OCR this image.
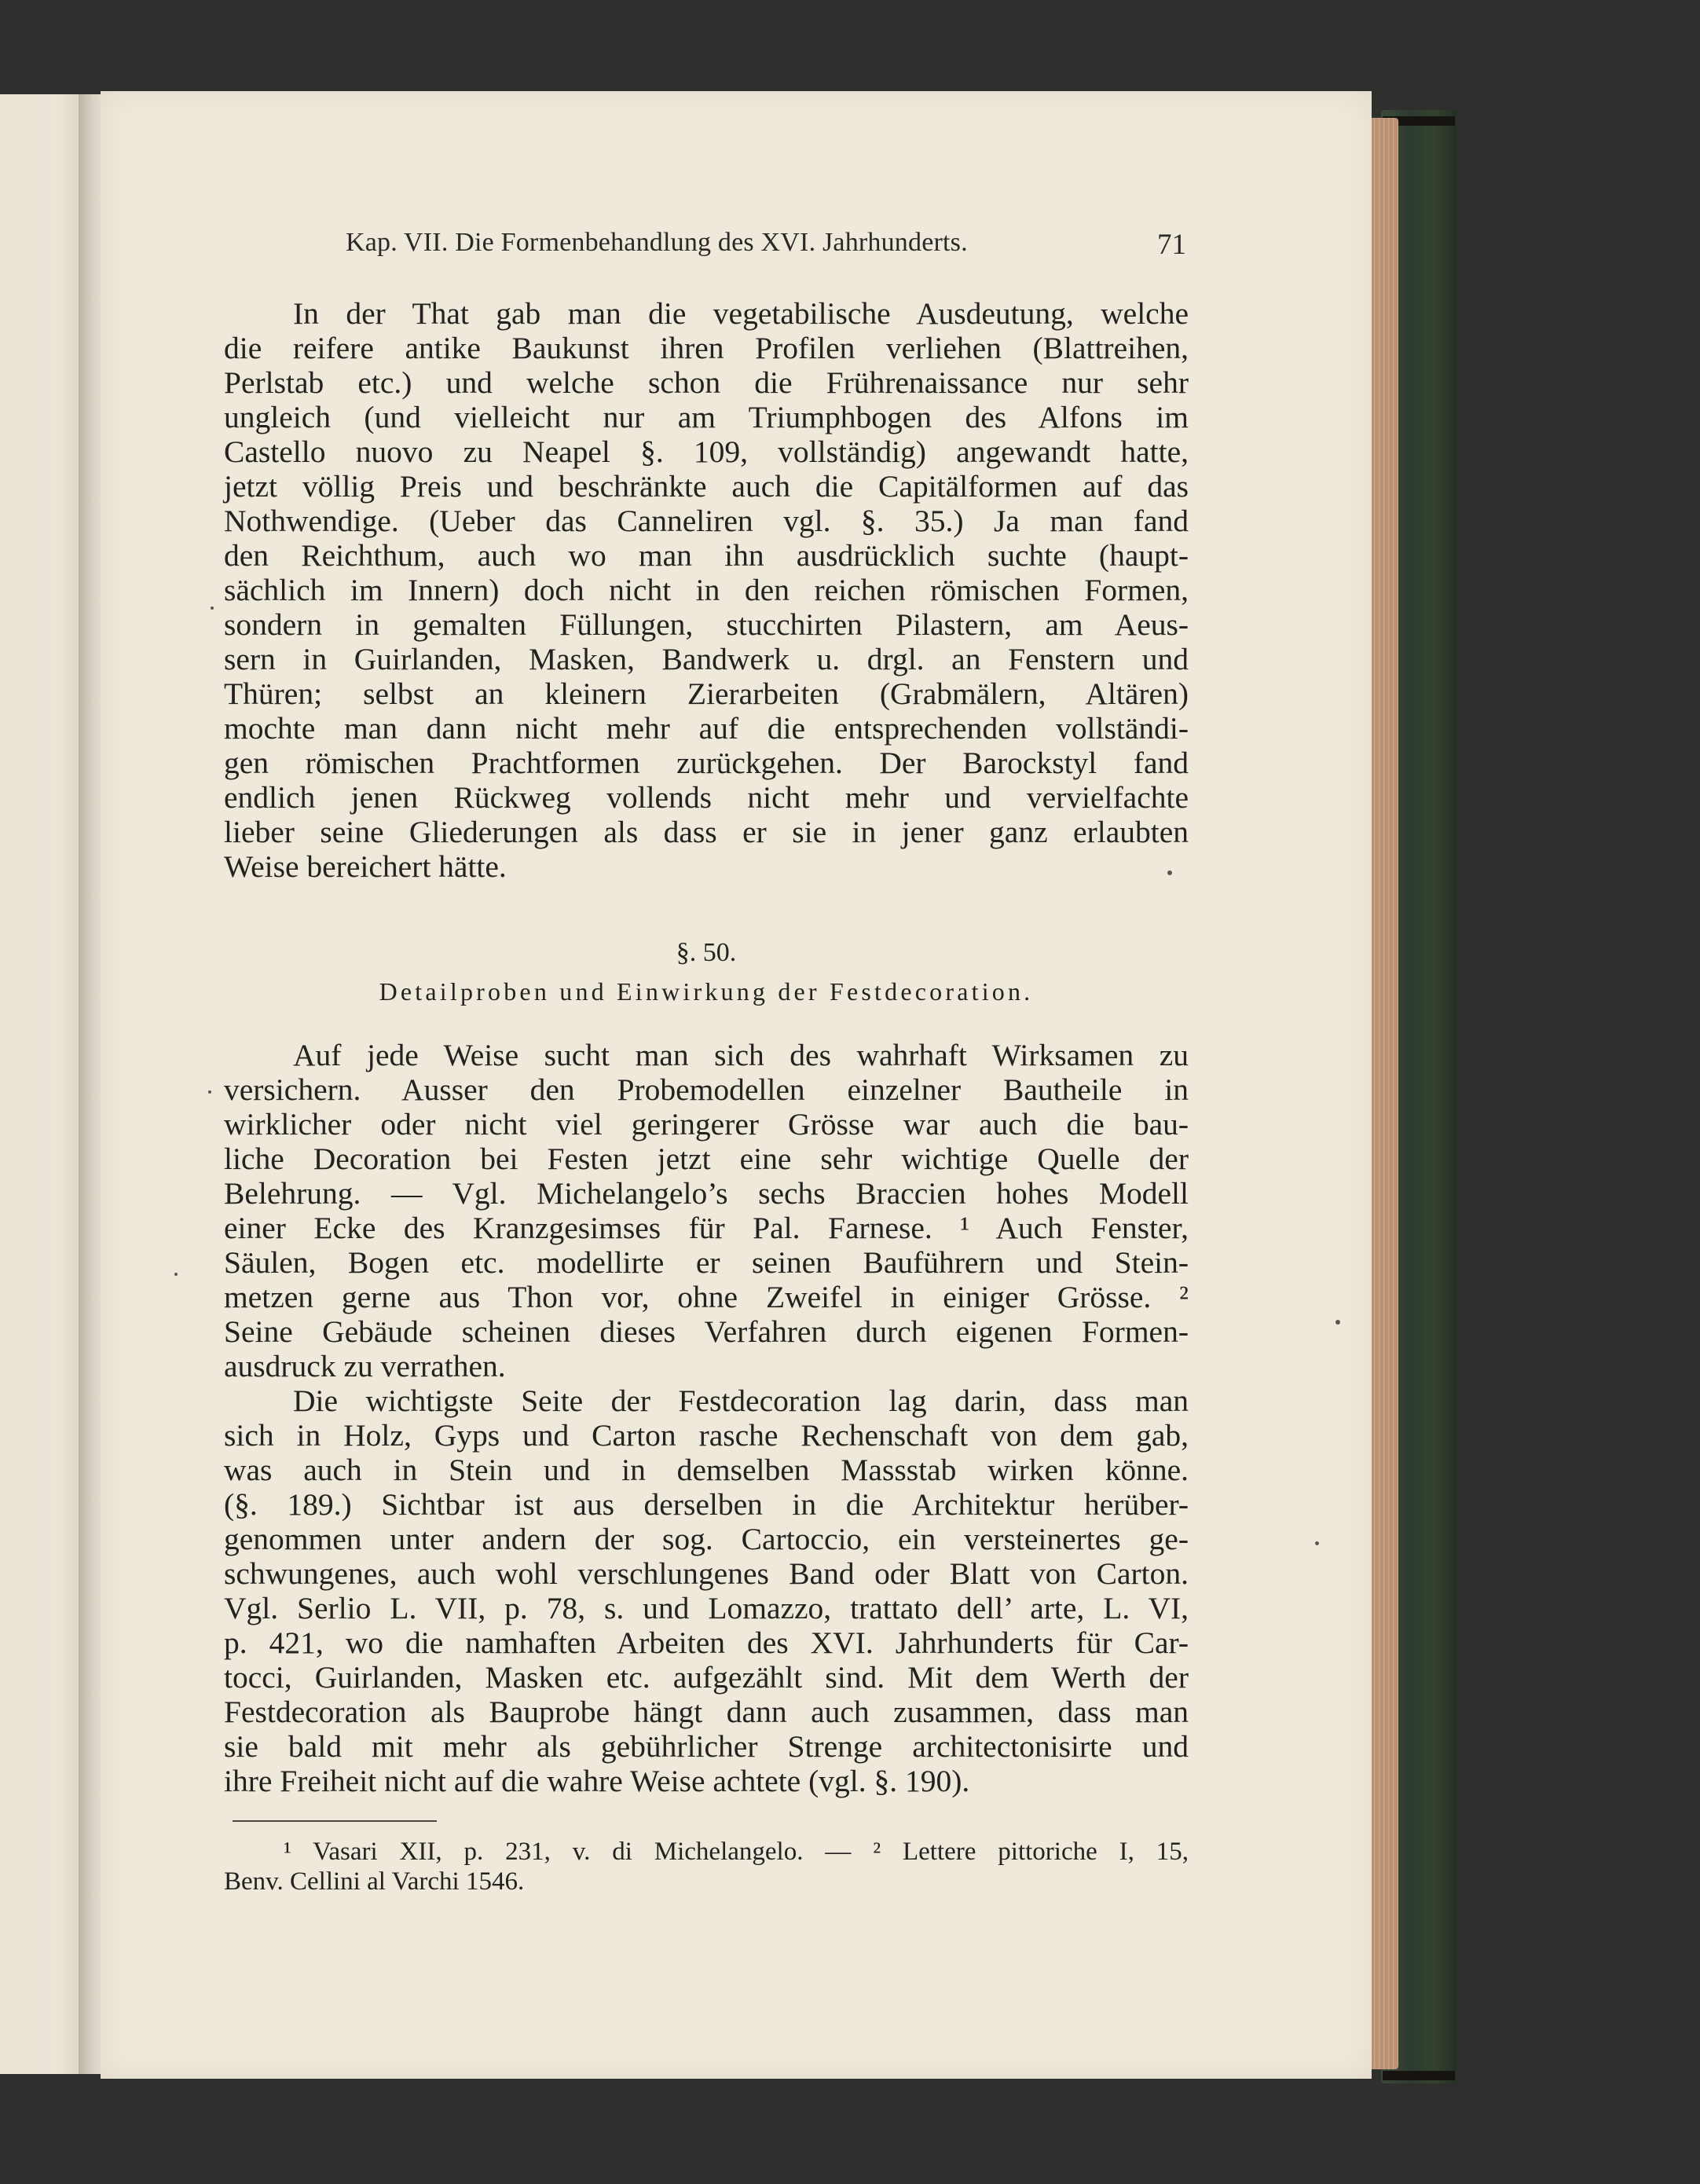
Kap. VII. Die Formenbehandlung des XVI. Jahrhunderts.	71
In der That gab man die vegetabilische Ausdeutung, welche
die reifere antike Baukunst ihren Profilen verliehen (Blattreihen,
Perlstab etc.) und welche schon die Frührenaissance nur sehr
ungleich (und vielleicht nur am Triumphbogen des Alfons im
Castello nuovo zu Neapel §. 109, vollständig) angewandt hatte,
jetzt völlig Preis und beschränkte auch die Capitälformen auf das
Nothwendige. (Ueber das Canneliren vgl. §. 35.) Ja man fand
den Reichthum, auch wo man ihn ausdrücklich suchte (haupt-
sächlich im Innern) doch nicht in den reichen römischen Formen,
sondern in gemalten Füllungen, stucchirten Pilastern, am Aeus-
sern in Guirlanden, Masken, Bandwerk u. drgl. an Fenstern und
Thüren; selbst an kleinern Zierarbeiten (Grabmälern, Altären)
mochte man dann nicht mehr auf die entsprechenden vollständi-
gen römischen Prachtformen zurückgehen. Der Barockstyl fand
endlich jenen Rückweg vollends nicht mehr und vervielfachte
lieber seine Gliederungen als dass er sie in jener ganz erlaubten
Weise bereichert hätte.
§. 50.
Detailproben und Einwirkung der Festdecoration.
Auf jede Weise sucht man sich des wahrhaft Wirksamen zu
versichern. Ausser den Probemodellen einzelner Bautheile in
wirklicher oder nicht viel geringerer Grösse war auch die bau-
liche Decoration bei Festen jetzt eine sehr wichtige Quelle der
Belehrung. — Vgl. Michelangelo’s sechs Braccien hohes Modell
einer Ecke des Kranzgesimses für Pal. Farnese. ¹ Auch Fenster,
Säulen, Bogen etc. modellirte er seinen Bauführern und Stein-
metzen gerne aus Thon vor, ohne Zweifel in einiger Grösse. ²
Seine Gebäude scheinen dieses Verfahren durch eigenen Formen-
ausdruck zu verrathen.
Die wichtigste Seite der Festdecoration lag darin, dass man
sich in Holz, Gyps und Carton rasche Rechenschaft von dem gab,
was auch in Stein und in demselben Massstab wirken könne.
(§. 189.) Sichtbar ist aus derselben in die Architektur herüber-
genommen unter andern der sog. Cartoccio, ein versteinertes ge-
schwungenes, auch wohl verschlungenes Band oder Blatt von Carton.
Vgl. Serlio L. VII, p. 78, s. und Lomazzo, trattato dell’ arte, L. VI,
p. 421, wo die namhaften Arbeiten des XVI. Jahrhunderts für Car-
tocci, Guirlanden, Masken etc. aufgezählt sind. Mit dem Werth der
Festdecoration als Bauprobe hängt dann auch zusammen, dass man
sie bald mit mehr als gebührlicher Strenge architectonisirte und
ihre Freiheit nicht auf die wahre Weise achtete (vgl. §. 190).
¹ Vasari XII, p. 231, v. di Michelangelo. — ² Lettere pittoriche I, 15,
Benv. Cellini al Varchi 1546.
